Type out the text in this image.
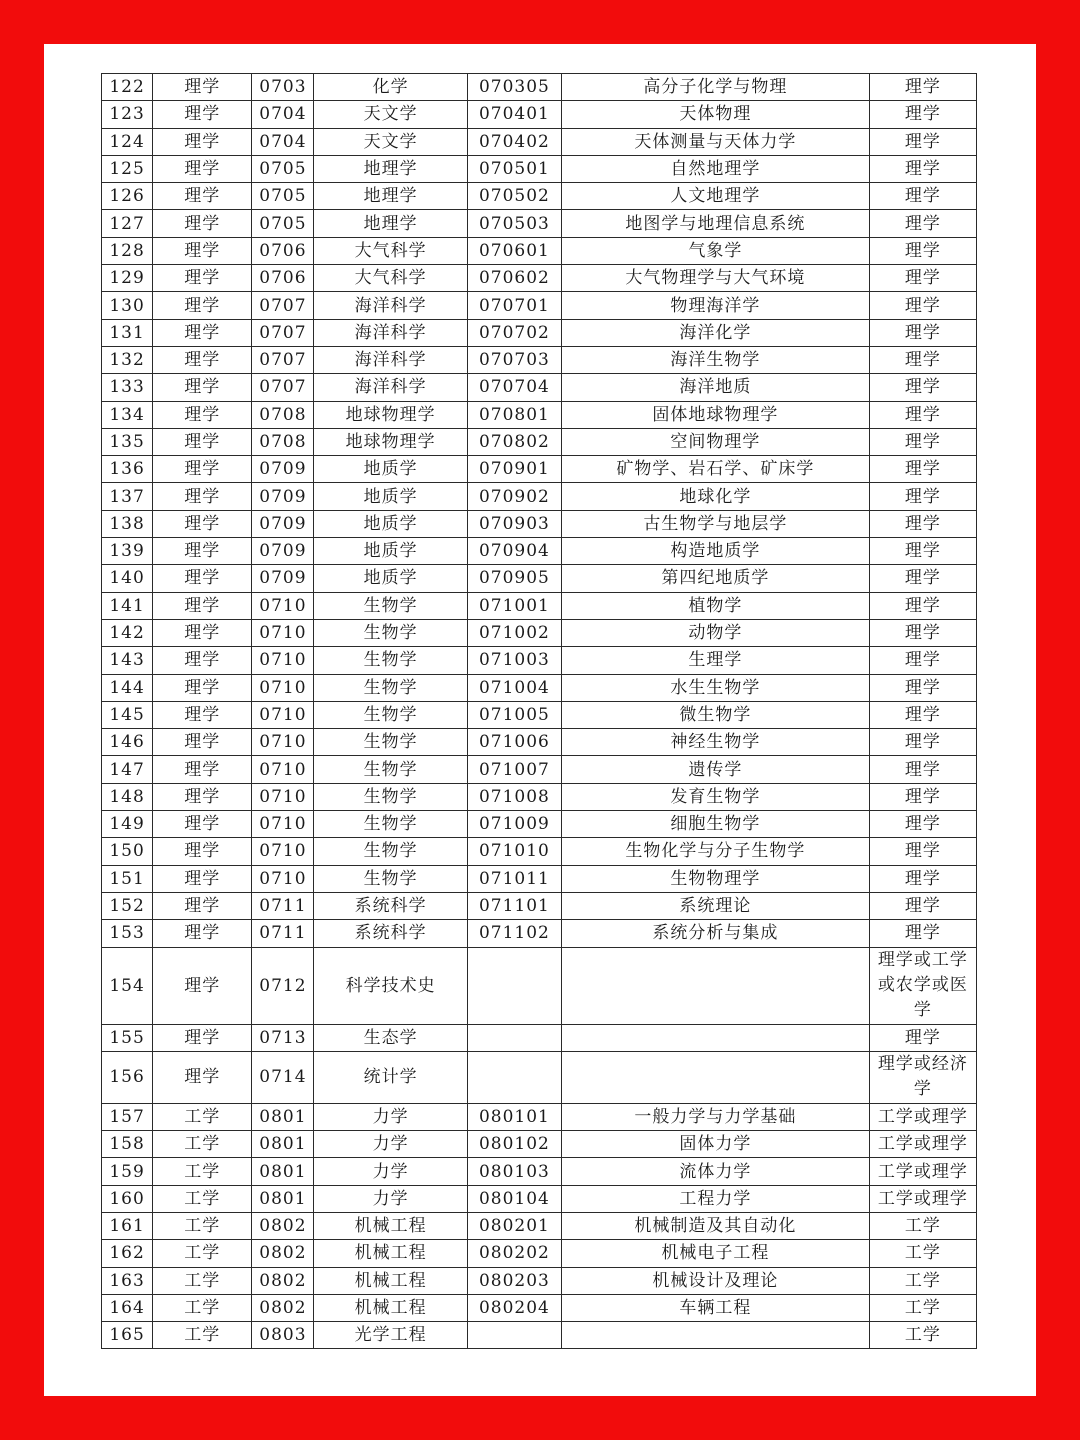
122	理学	0703	化学	070305	高分子化学与物理	理学
123	理学	0704	天文学	070401	天体物理	理学
124	理学	0704	天文学	070402	天体测量与天体力学	理学
125	理学	0705	地理学	070501	自然地理学	理学
126	理学	0705	地理学	070502	人文地理学	理学
127	理学	0705	地理学	070503	地图学与地理信息系统	理学
128	理学	0706	大气科学	070601	气象学	理学
129	理学	0706	大气科学	070602	大气物理学与大气环境	理学
130	理学	0707	海洋科学	070701	物理海洋学	理学
131	理学	0707	海洋科学	070702	海洋化学	理学
132	理学	0707	海洋科学	070703	海洋生物学	理学
133	理学	0707	海洋科学	070704	海洋地质	理学
134	理学	0708	地球物理学	070801	固体地球物理学	理学
135	理学	0708	地球物理学	070802	空间物理学	理学
136	理学	0709	地质学	070901	矿物学、岩石学、矿床学	理学
137	理学	0709	地质学	070902	地球化学	理学
138	理学	0709	地质学	070903	古生物学与地层学	理学
139	理学	0709	地质学	070904	构造地质学	理学
140	理学	0709	地质学	070905	第四纪地质学	理学
141	理学	0710	生物学	071001	植物学	理学
142	理学	0710	生物学	071002	动物学	理学
143	理学	0710	生物学	071003	生理学	理学
144	理学	0710	生物学	071004	水生生物学	理学
145	理学	0710	生物学	071005	微生物学	理学
146	理学	0710	生物学	071006	神经生物学	理学
147	理学	0710	生物学	071007	遗传学	理学
148	理学	0710	生物学	071008	发育生物学	理学
149	理学	0710	生物学	071009	细胞生物学	理学
150	理学	0710	生物学	071010	生物化学与分子生物学	理学
151	理学	0710	生物学	071011	生物物理学	理学
152	理学	0711	系统科学	071101	系统理论	理学
153	理学	0711	系统科学	071102	系统分析与集成	理学
154	理学	0712	科学技术史			理学或工学或农学或医学
155	理学	0713	生态学			理学
156	理学	0714	统计学			理学或经济学
157	工学	0801	力学	080101	一般力学与力学基础	工学或理学
158	工学	0801	力学	080102	固体力学	工学或理学
159	工学	0801	力学	080103	流体力学	工学或理学
160	工学	0801	力学	080104	工程力学	工学或理学
161	工学	0802	机械工程	080201	机械制造及其自动化	工学
162	工学	0802	机械工程	080202	机械电子工程	工学
163	工学	0802	机械工程	080203	机械设计及理论	工学
164	工学	0802	机械工程	080204	车辆工程	工学
165	工学	0803	光学工程			工学
